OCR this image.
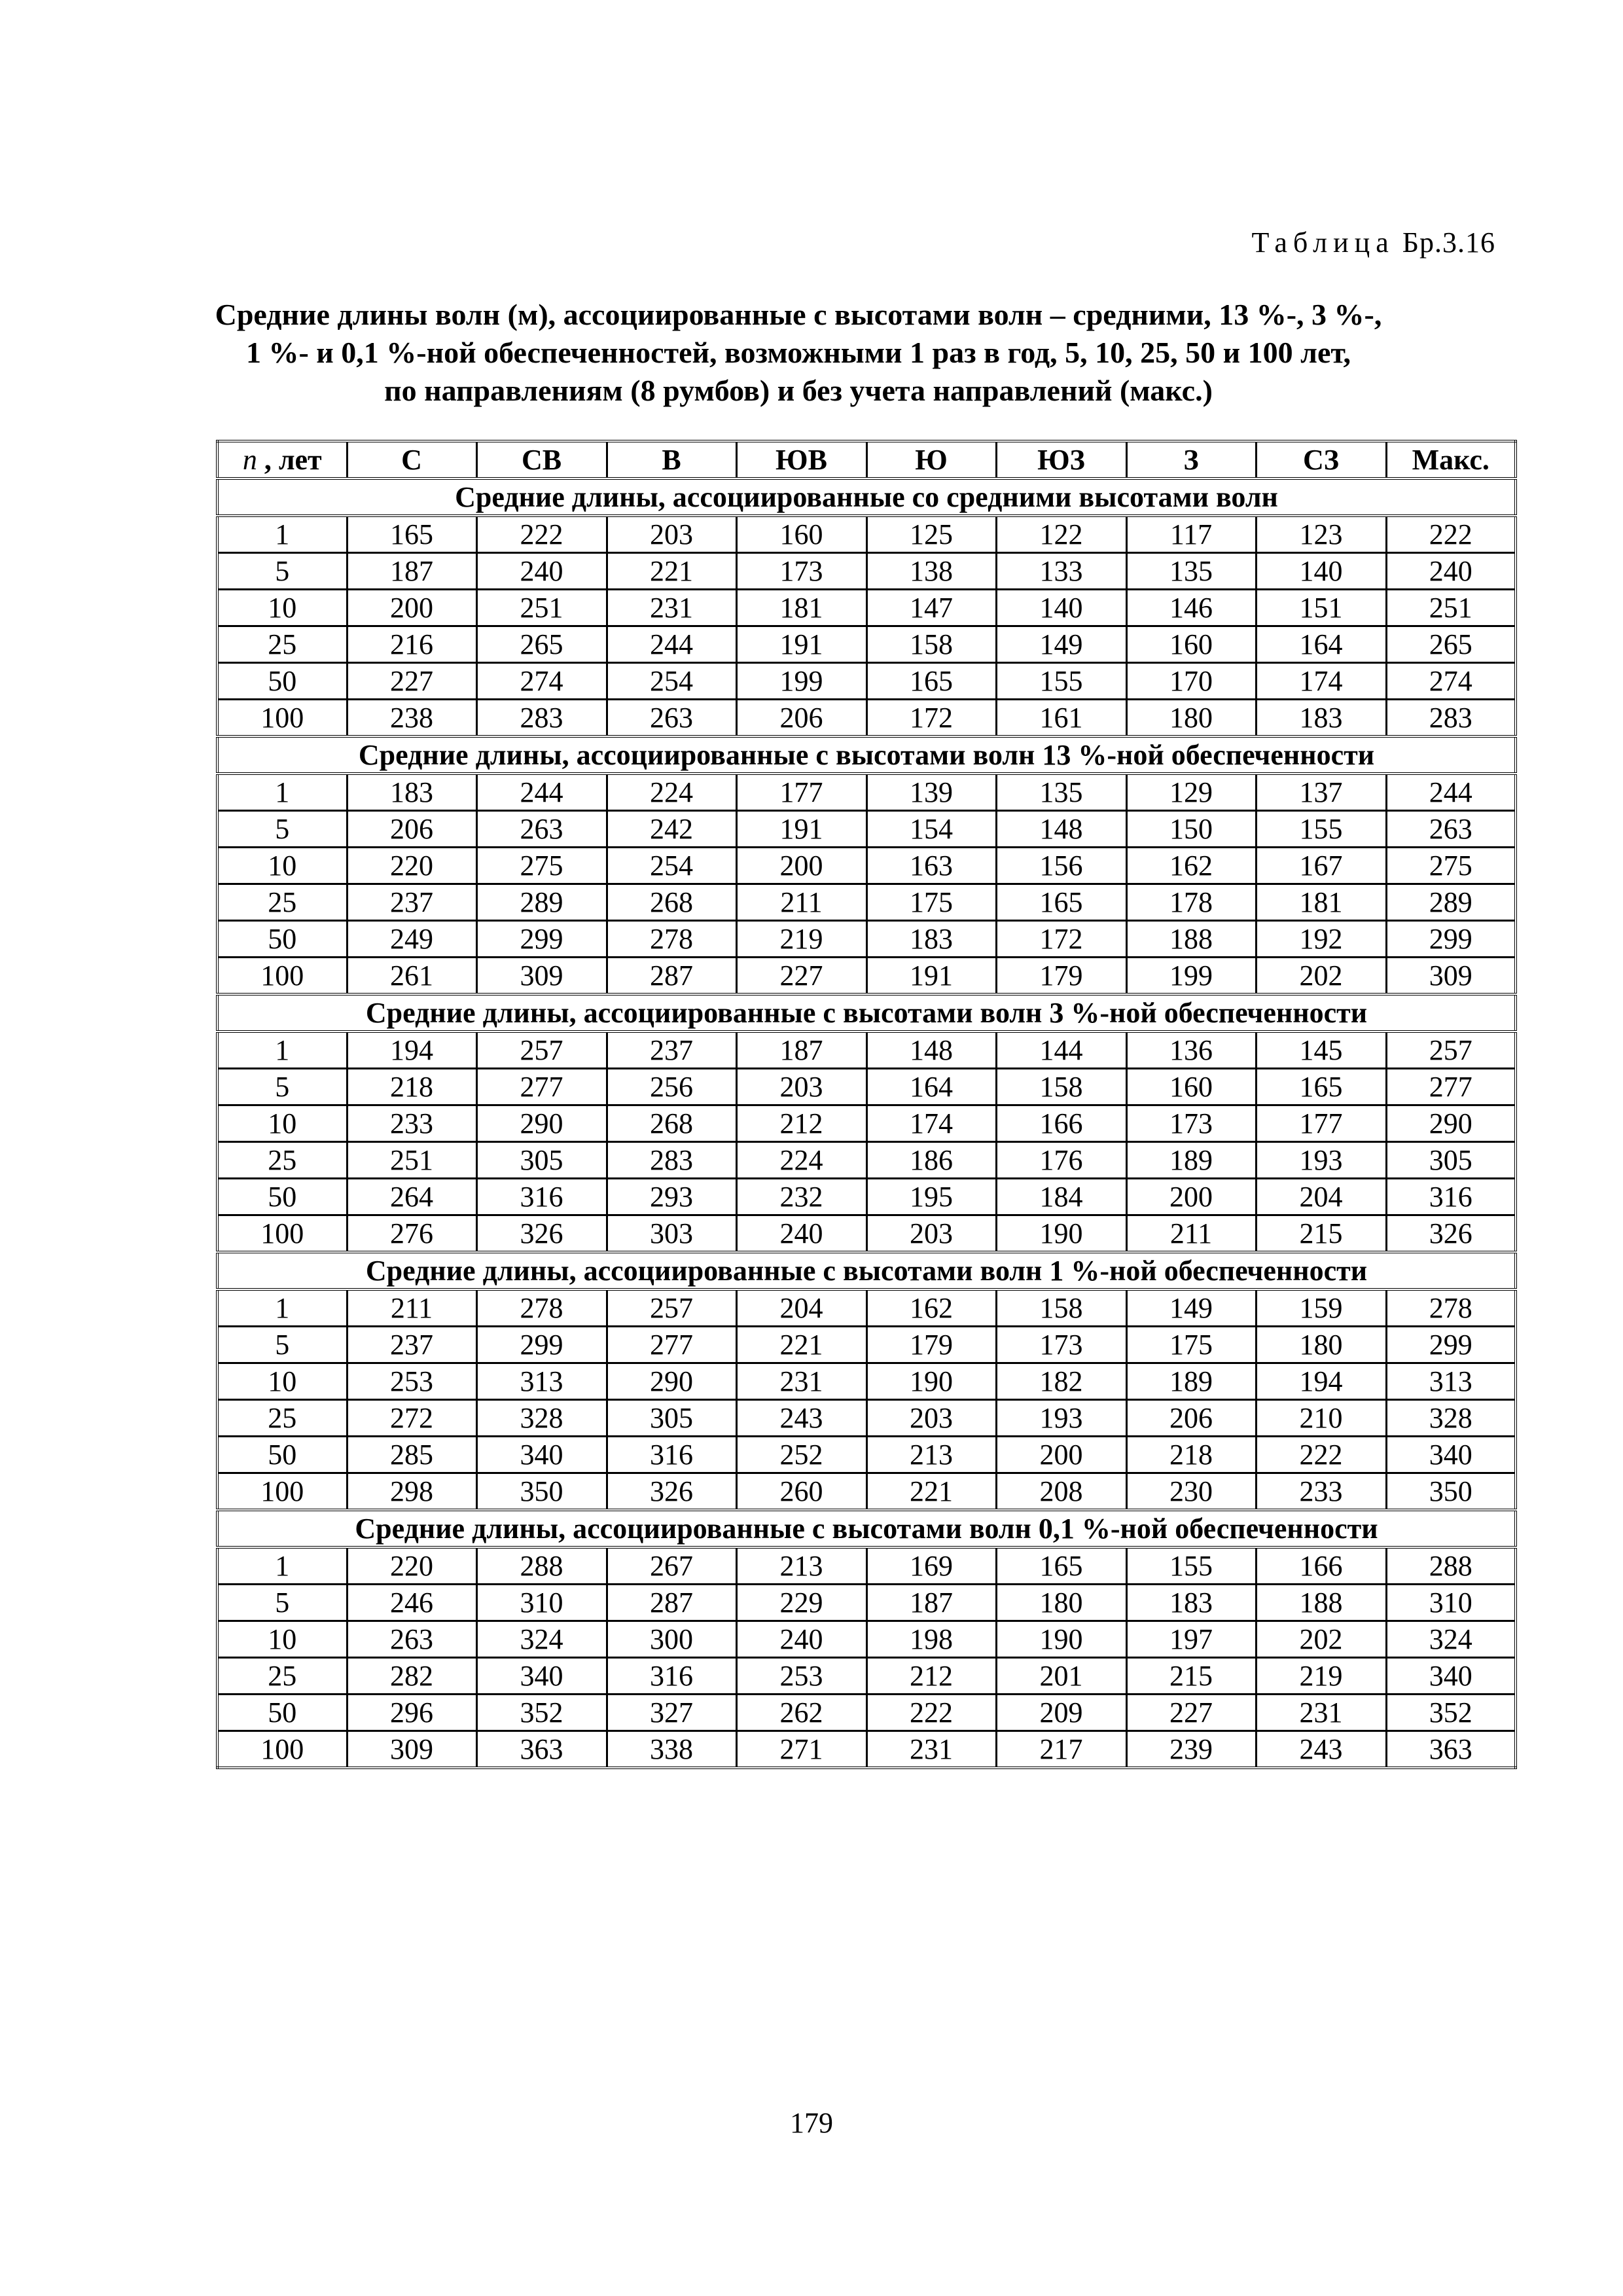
Таблица Бр.3.16
Средние длины волн (м), ассоциированные с высотами волн – средними, 13 %-, 3 %-,
1 %- и 0,1 %-ной обеспеченностей, возможными 1 раз в год, 5, 10, 25, 50 и 100 лет,
по направлениям (8 румбов) и без учета направлений (макс.)
n , лет	С	СВ	В	ЮВ	Ю	ЮЗ	З	СЗ	Макс.
Средние длины, ассоциированные со средними высотами волн									
1	165	222	203	160	125	122	117	123	222
5	187	240	221	173	138	133	135	140	240
10	200	251	231	181	147	140	146	151	251
25	216	265	244	191	158	149	160	164	265
50	227	274	254	199	165	155	170	174	274
100	238	283	263	206	172	161	180	183	283
Средние длины, ассоциированные с высотами волн 13 %-ной обеспеченности									
1	183	244	224	177	139	135	129	137	244
5	206	263	242	191	154	148	150	155	263
10	220	275	254	200	163	156	162	167	275
25	237	289	268	211	175	165	178	181	289
50	249	299	278	219	183	172	188	192	299
100	261	309	287	227	191	179	199	202	309
Средние длины, ассоциированные с высотами волн 3 %-ной обеспеченности									
1	194	257	237	187	148	144	136	145	257
5	218	277	256	203	164	158	160	165	277
10	233	290	268	212	174	166	173	177	290
25	251	305	283	224	186	176	189	193	305
50	264	316	293	232	195	184	200	204	316
100	276	326	303	240	203	190	211	215	326
Средние длины, ассоциированные с высотами волн 1 %-ной обеспеченности									
1	211	278	257	204	162	158	149	159	278
5	237	299	277	221	179	173	175	180	299
10	253	313	290	231	190	182	189	194	313
25	272	328	305	243	203	193	206	210	328
50	285	340	316	252	213	200	218	222	340
100	298	350	326	260	221	208	230	233	350
Средние длины, ассоциированные с высотами волн 0,1 %-ной обеспеченности									
1	220	288	267	213	169	165	155	166	288
5	246	310	287	229	187	180	183	188	310
10	263	324	300	240	198	190	197	202	324
25	282	340	316	253	212	201	215	219	340
50	296	352	327	262	222	209	227	231	352
100	309	363	338	271	231	217	239	243	363
179
